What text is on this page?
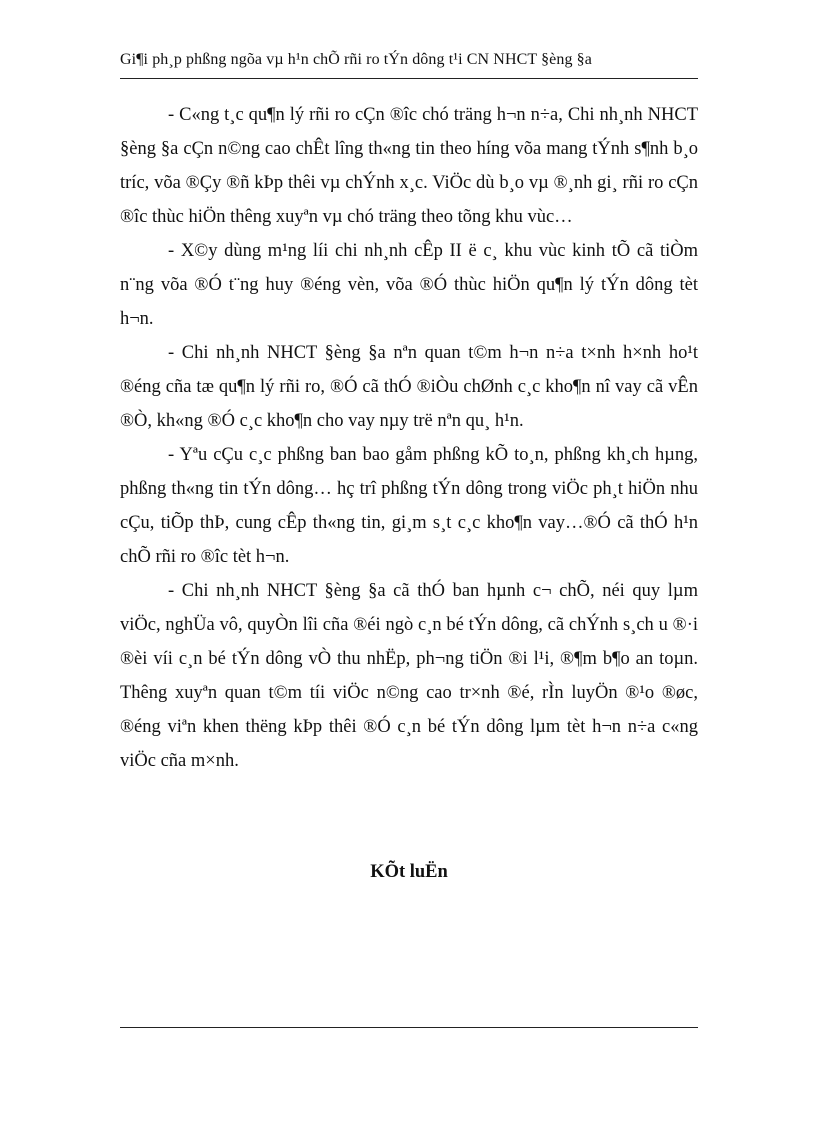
Gi¶i ph¸p phßng ngõa vµ h¹n chÕ rñi ro tÝn dông t¹i CN NHCT §èng §a

- C«ng t¸c qu¶n lý rñi ro cÇn ®îc chó träng h¬n n÷a, Chi nh¸nh NHCT §èng §a cÇn n©ng cao chÊt lîng th«ng tin theo híng võa mang tÝnh s¶nh b¸o tríc, võa ®Çy ®ñ kÞp thêi vµ chÝnh x¸c. ViÖc dù b¸o vµ ®¸nh gi¸ rñi ro cÇn ®îc thùc hiÖn thêng xuyªn vµ chó träng theo tõng khu vùc…

- X©y dùng m¹ng líi chi nh¸nh cÊp II ë c¸ khu vùc kinh tÕ cã tiÒm n¨ng võa ®Ó t¨ng huy ®éng vèn, võa ®Ó thùc hiÖn qu¶n lý tÝn dông tèt h¬n.

- Chi nh¸nh NHCT §èng §a nªn quan t©m h¬n n÷a t×nh h×nh ho¹t ®éng cña tæ qu¶n lý rñi ro, ®Ó cã thÓ ®iÒu chØnh c¸c kho¶n nî vay cã vÊn ®Ò, kh«ng ®Ó c¸c kho¶n cho vay nµy trë nªn qu¸ h¹n.

- Yªu cÇu c¸c phßng ban bao gåm phßng kÕ to¸n, phßng kh¸ch hµng, phßng th«ng tin tÝn dông… hç trî phßng tÝn dông trong viÖc ph¸t hiÖn nhu cÇu, tiÕp thÞ, cung cÊp th«ng tin, gi¸m s¸t c¸c kho¶n vay…®Ó cã thÓ h¹n chÕ rñi ro ®îc tèt h¬n.

- Chi nh¸nh NHCT §èng §a cã thÓ ban hµnh c¬ chÕ, néi quy lµm viÖc, nghÜa vô, quyÒn lîi cña ®éi ngò c¸n bé tÝn dông, cã chÝnh s¸ch u ®·i ®èi víi c¸n bé tÝn dông vÒ thu nhËp, ph¬ng tiÖn ®i l¹i, ®¶m b¶o an toµn. Thêng xuyªn quan t©m tíi viÖc n©ng cao tr×nh ®é, rÌn luyÖn ®¹o ®øc, ®éng viªn khen thëng kÞp thêi ®Ó c¸n bé tÝn dông lµm tèt h¬n n÷a c«ng viÖc cña m×nh.

KÕt luËn
